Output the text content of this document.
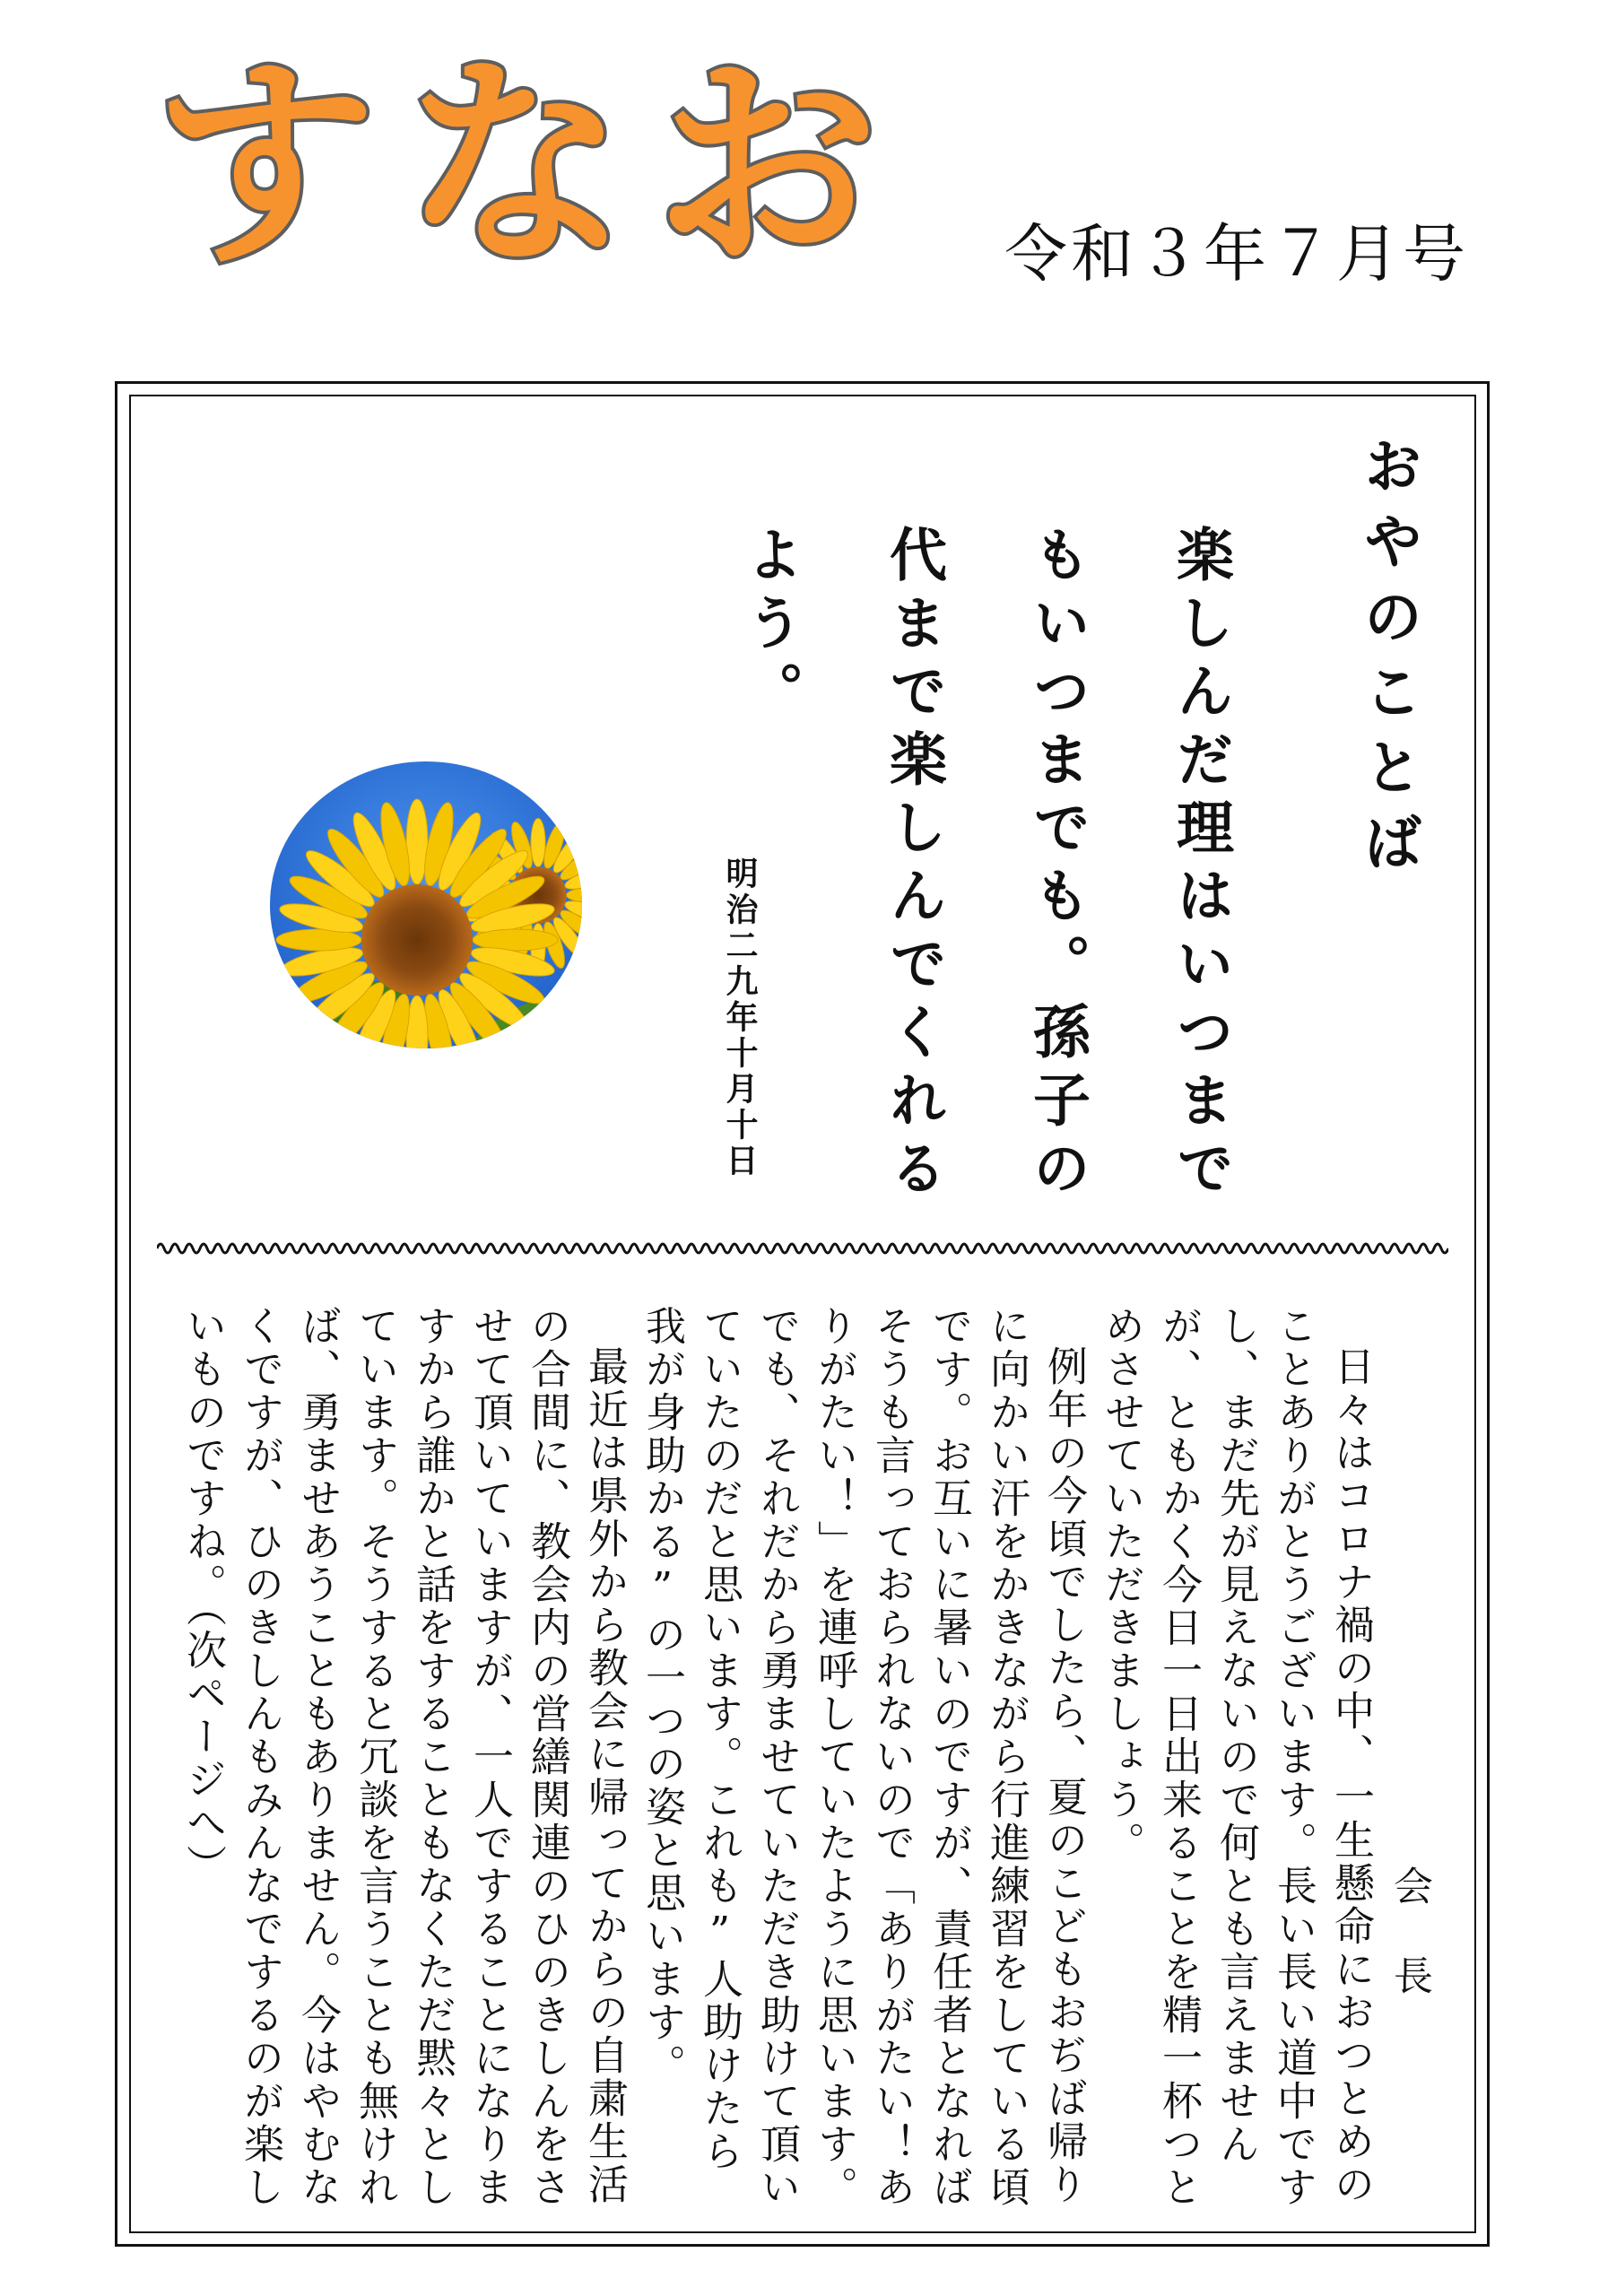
すなお 令和３年７月号
おやのことば
楽しんだ理はいつまでもいつまでも。孫子の代まで楽しんでくれるよう。
明治二九年十月十日
会長

日々はコロナ禍の中、一生懸命におつとめのことありがとうございます。長い長い道中ですし、まだ先が見えないので何とも言えませんが、ともかく今日一日出来ることを精一杯つとめさせていただきましょう。

例年の今頃でしたら、夏のこどもおぢば帰りに向かい汗をかきながら行進練習をしている頃です。お互いに暑いのですが、責任者となればそうも言っておられないので「ありがたい！ありがたい！」を連呼していたように思います。でも、それだから勇ませていただき助けて頂いていたのだと思います。これも”人助けたら我が身助かる”の一つの姿と思います。

最近は県外から教会に帰ってからの自粛生活の合間に、教会内の営繕関連のひのきしんをさせて頂いていますが、一人ですることになりますから誰かと話をすることもなくただ黙々としています。そうすると冗談を言うことも無ければ、勇ませあうこともありません。今はやむなくですが、ひのきしんもみんなでするのが楽しいものですね。（次ページへ）
